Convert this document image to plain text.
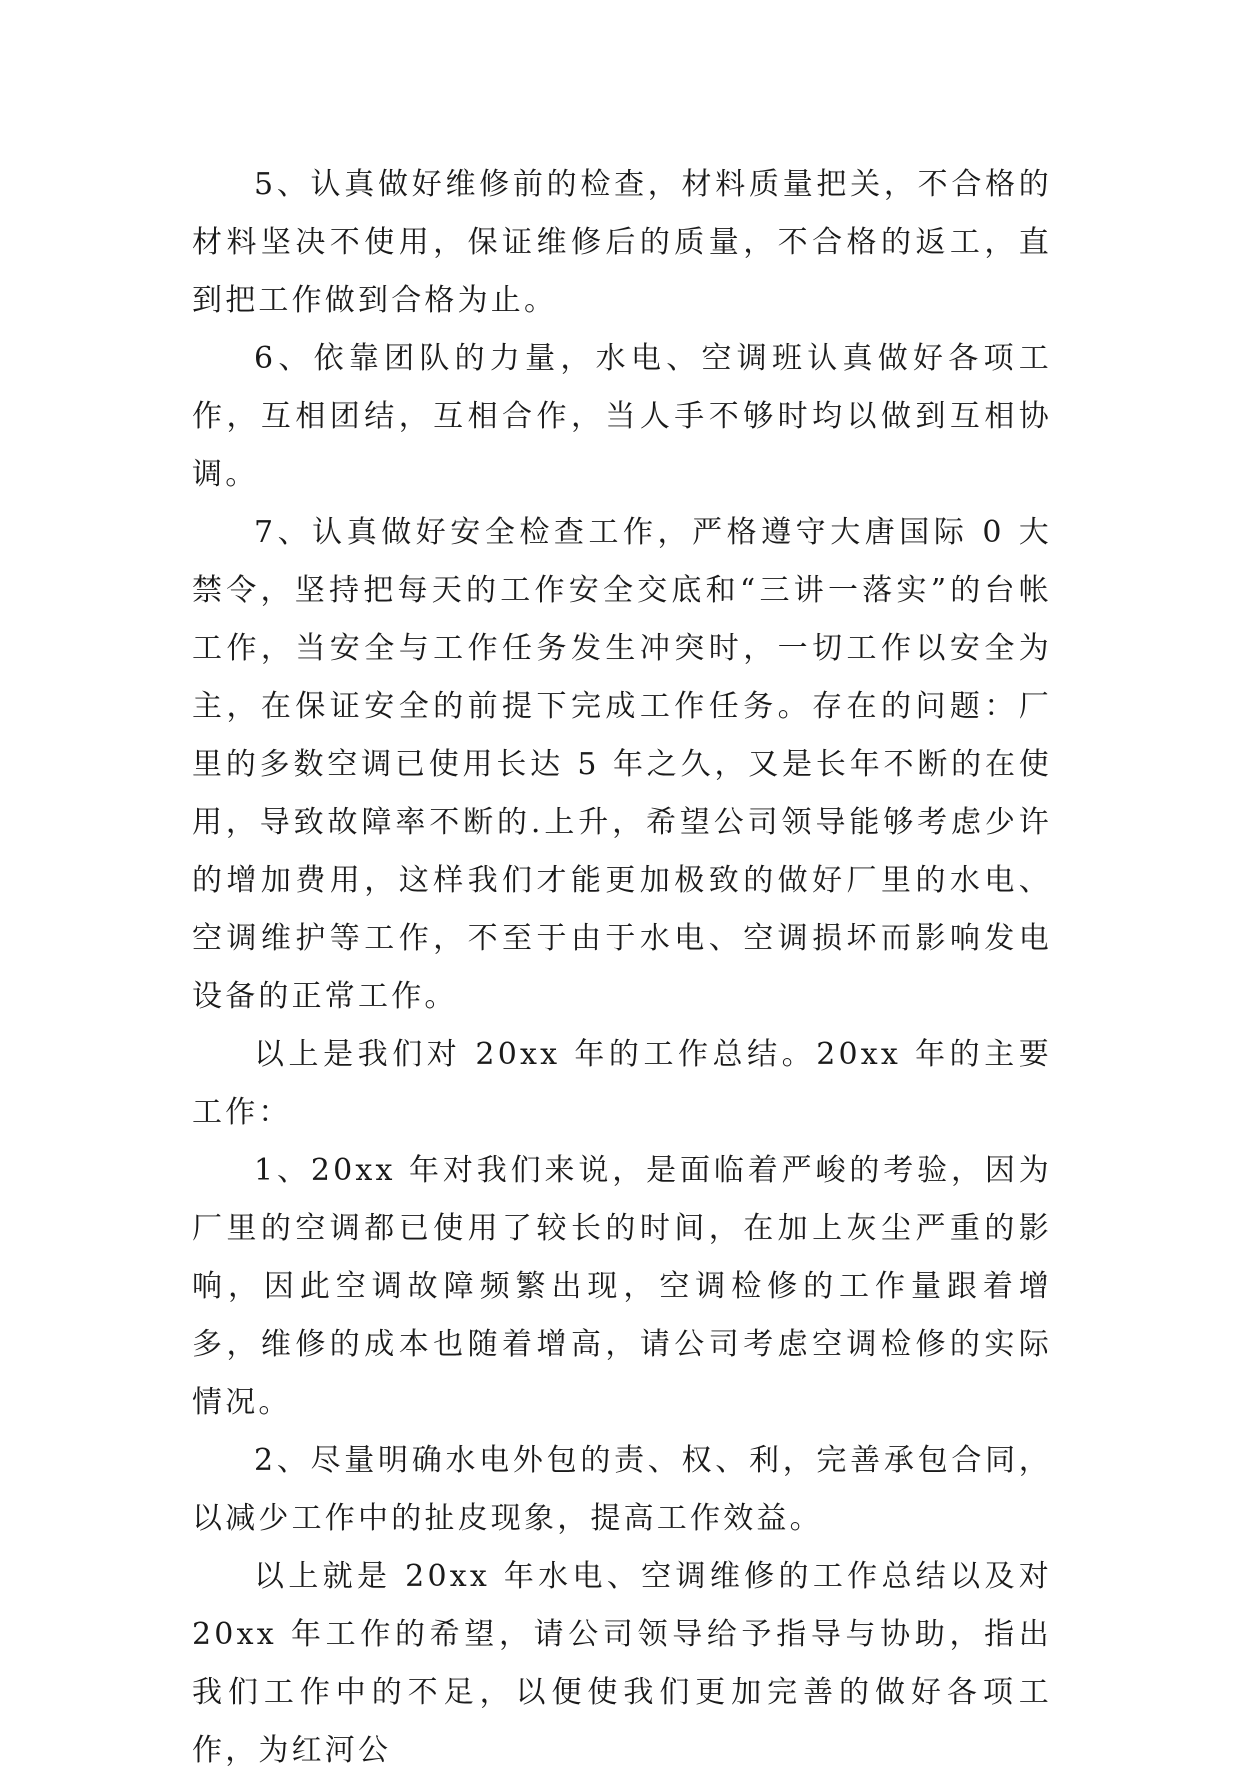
5、认真做好维修前的检查，材料质量把关，不合格的材料坚决不使用，保证维修后的质量，不合格的返工，直到把工作做到合格为止。

6、依靠团队的力量，水电、空调班认真做好各项工作，互相团结，互相合作，当人手不够时均以做到互相协调。

7、认真做好安全检查工作，严格遵守大唐国际 0 大禁令，坚持把每天的工作安全交底和“三讲一落实”的台帐工作，当安全与工作任务发生冲突时，一切工作以安全为主，在保证安全的前提下完成工作任务。存在的问题：厂里的多数空调已使用长达 5 年之久，又是长年不断的在使用，导致故障率不断的.上升，希望公司领导能够考虑少许的增加费用，这样我们才能更加极致的做好厂里的水电、空调维护等工作，不至于由于水电、空调损坏而影响发电设备的正常工作。

以上是我们对 20xx 年的工作总结。20xx 年的主要工作：

1、20xx 年对我们来说，是面临着严峻的考验，因为厂里的空调都已使用了较长的时间，在加上灰尘严重的影响，因此空调故障频繁出现，空调检修的工作量跟着增多，维修的成本也随着增高，请公司考虑空调检修的实际情况。

2、尽量明确水电外包的责、权、利，完善承包合同，以减少工作中的扯皮现象，提高工作效益。

以上就是 20xx 年水电、空调维修的工作总结以及对 20xx 年工作的希望，请公司领导给予指导与协助，指出我们工作中的不足，以便使我们更加完善的做好各项工作，为红河公
